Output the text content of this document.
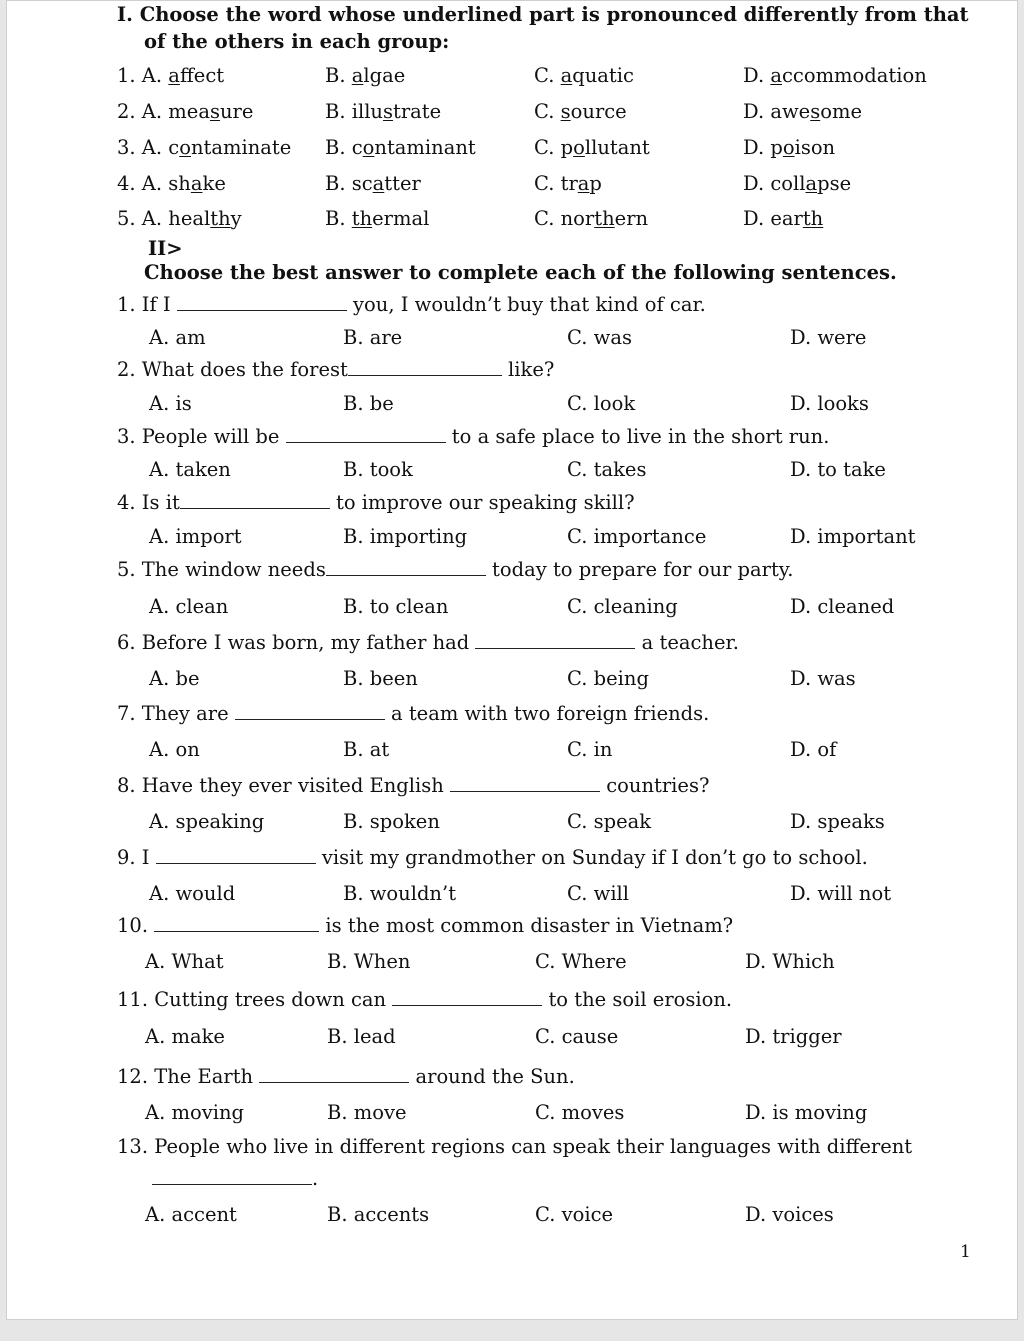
I. Choose the word whose underlined part is pronounced differently from that
of the others in each group:
1. A. affect	B. algae	C. aquatic	D. accommodation
2. A. measure	B. illustrate	C. source	D. awesome
3. A. contaminate B. contaminant	C. pollutant	D. poison
4. A. shake	B. scatter	C. trap	D. collapse
5. A. healthy	B. thermal	C. northern	D. earth
II>
Choose the best answer to complete each of the following sentences.
1. If I	you, I wouldn’t buy that kind of car.
A. am	B. are	C. was	D. were
2. What does the forest	like?
A. is	B. be	C. look	D. looks
3. People will be	to a safe place to live in the short run.
A. taken	B. took	C. takes	D. to take
4. Is it	to improve our speaking skill?
A. import	B. importing	C. importance	D. important
5. The window needs	today to prepare for our party.
A. clean	B. to clean	C. cleaning	D. cleaned
6. Before I was born, my father had	a teacher.
A. be	B. been	C. being	D. was
7. They are	a team with two foreign friends.
A. on	B. at	C. in	D. of
8. Have they ever visited English	countries?
A. speaking	B. spoken	C. speak	D. speaks
9. I	visit my grandmother on Sunday if I don’t go to school.
A. would	B. wouldn’t	C. will	D. will not
10.	is the most common disaster in Vietnam?
A. What	B. When	C. Where	D. Which
11. Cutting trees down can	to the soil erosion.
A. make	B. lead	C. cause	D. trigger
12. The Earth	around the Sun.
A. moving	B. move	C. moves	D. is moving
13. People who live in different regions can speak their languages with different
.
A. accent	B. accents	C. voice	D. voices
1
